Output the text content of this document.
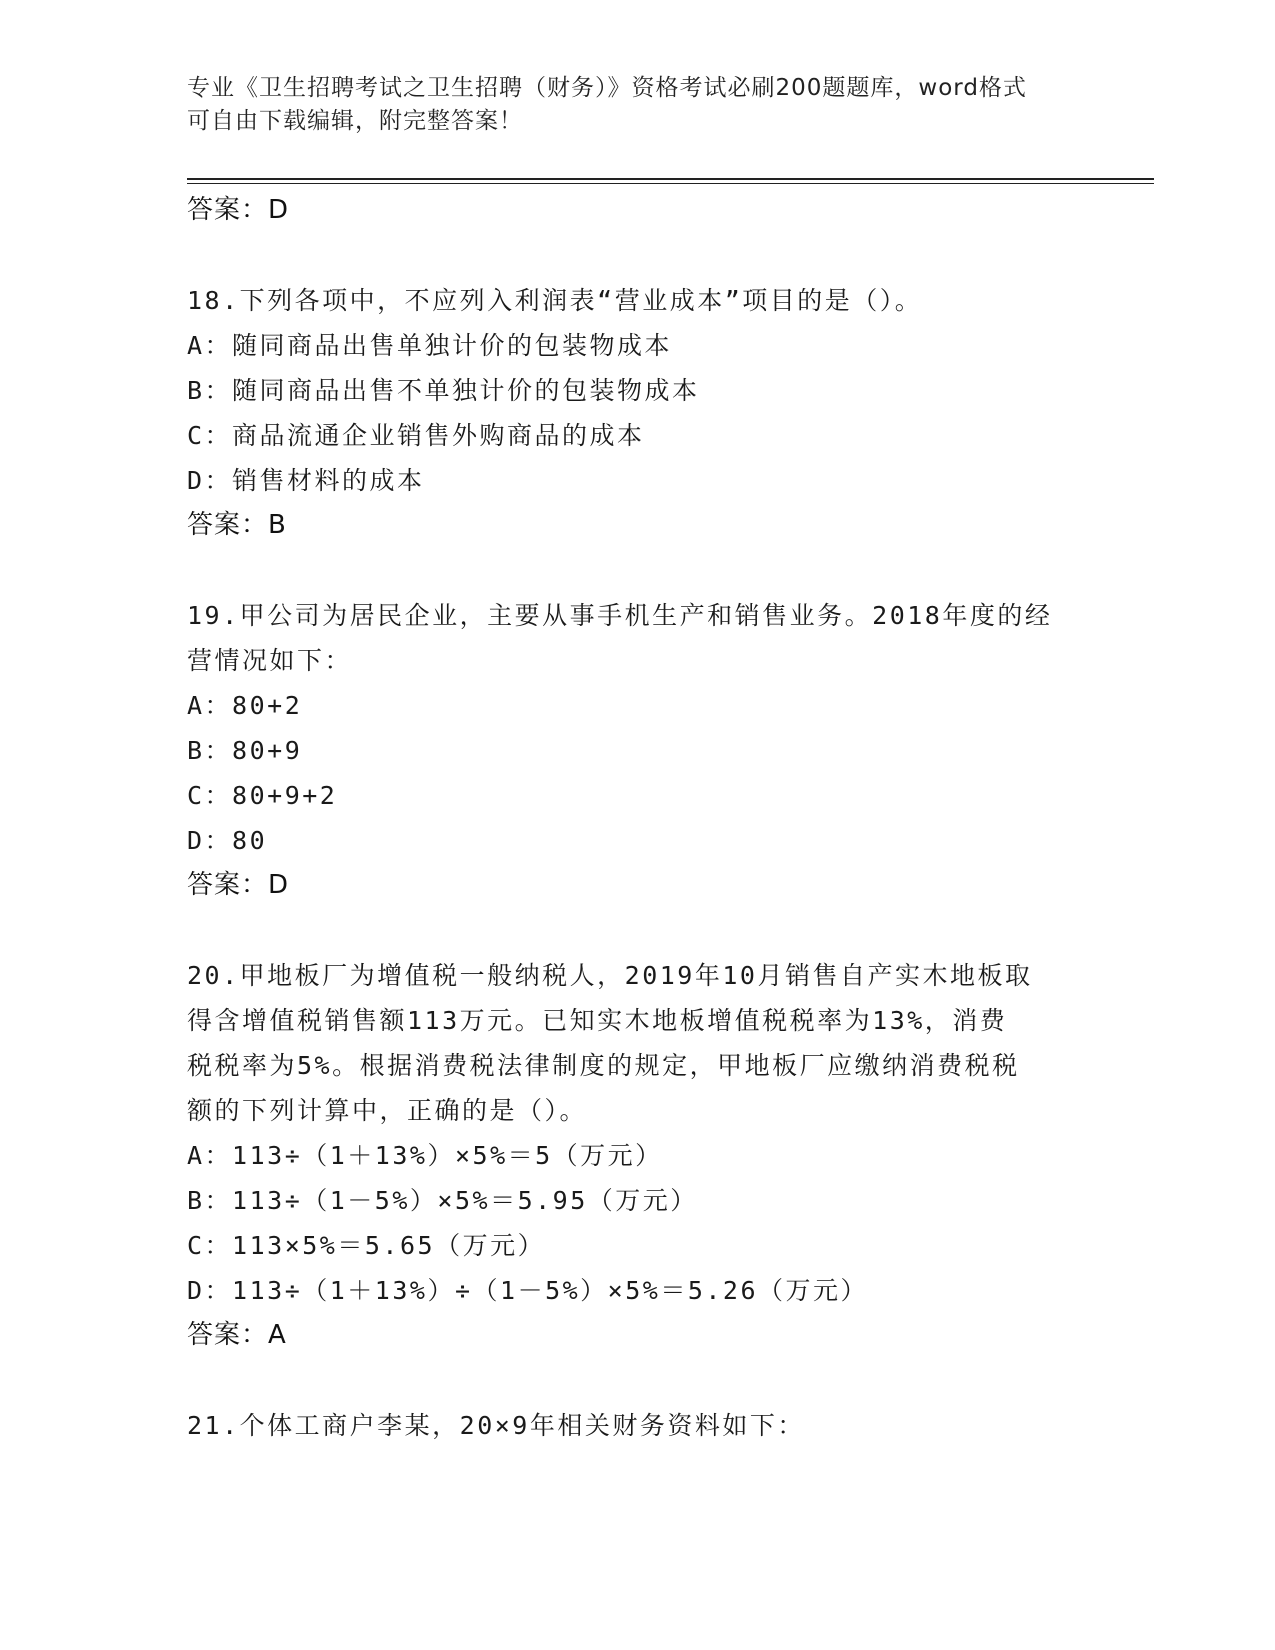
专业《卫生招聘考试之卫生招聘（财务）》资格考试必刷200题题库，word格式
可自由下载编辑，附完整答案！
答案：D
18.下列各项中，不应列入利润表“营业成本”项目的是（）。
A：随同商品出售单独计价的包装物成本
B：随同商品出售不单独计价的包装物成本
C：商品流通企业销售外购商品的成本
D：销售材料的成本
答案：B
19.甲公司为居民企业，主要从事手机生产和销售业务。2018年度的经
营情况如下：
A：80+2
B：80+9
C：80+9+2
D：80
答案：D
20.甲地板厂为增值税一般纳税人，2019年10月销售自产实木地板取
得含增值税销售额113万元。已知实木地板增值税税率为13%，消费
税税率为5%。根据消费税法律制度的规定，甲地板厂应缴纳消费税税
额的下列计算中，正确的是（）。
A：113÷（1＋13%）×5%＝5（万元）
B：113÷（1－5%）×5%＝5.95（万元）
C：113×5%＝5.65（万元）
D：113÷（1＋13%）÷（1－5%）×5%＝5.26（万元）
答案：A
21.个体工商户李某，20×9年相关财务资料如下：
